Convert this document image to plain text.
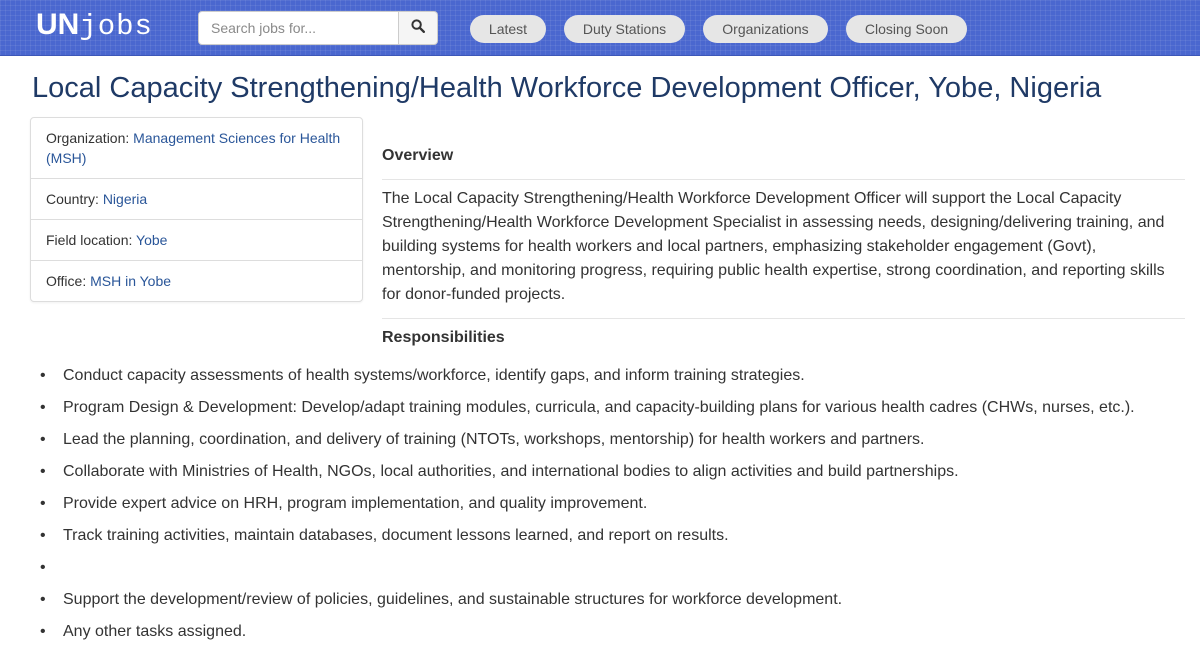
UNjobs
Search jobs for...	Latest	Duty Stations	Organizations	Closing Soon
Local Capacity Strengthening/Health Workforce Development Officer, Yobe, Nigeria
Organization: Management Sciences for Health (MSH)
Country: Nigeria
Field location: Yobe
Office: MSH in Yobe
Overview

The Local Capacity Strengthening/Health Workforce Development Officer will support the Local Capacity Strengthening/Health Workforce Development Specialist in assessing needs, designing/delivering training, and building systems for health workers and local partners, emphasizing stakeholder engagement (Govt), mentorship, and monitoring progress, requiring public health expertise, strong coordination, and reporting skills for donor-funded projects.

Responsibilities
• Conduct capacity assessments of health systems/workforce, identify gaps, and inform training strategies.
• Program Design & Development: Develop/adapt training modules, curricula, and capacity-building plans for various health cadres (CHWs, nurses, etc.).
• Lead the planning, coordination, and delivery of training (NTOTs, workshops, mentorship) for health workers and partners.
• Collaborate with Ministries of Health, NGOs, local authorities, and international bodies to align activities and build partnerships.
• Provide expert advice on HRH, program implementation, and quality improvement.
• Track training activities, maintain databases, document lessons learned, and report on results.
•
• Support the development/review of policies, guidelines, and sustainable structures for workforce development.
• Any other tasks assigned.
